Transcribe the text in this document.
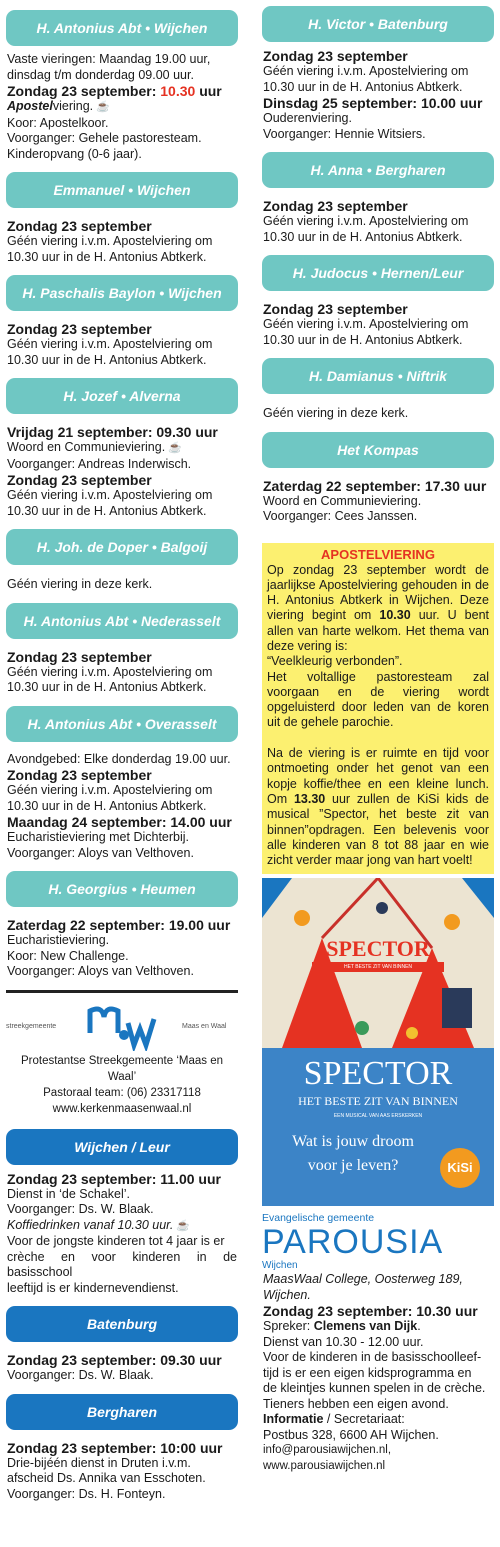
H. Antonius Abt • Wijchen
Vaste vieringen: Maandag 19.00 uur,
dinsdag t/m donderdag 09.00 uur.
Zondag 23 september: 10.30 uur
Apostelviering. ☕
Koor: Apostelkoor.
Voorganger: Gehele pastoresteam.
Kinderopvang (0-6 jaar).
Emmanuel • Wijchen
Zondag 23 september
Géén viering i.v.m. Apostelviering om
10.30 uur in de H. Antonius Abtkerk.
H. Paschalis Baylon • Wijchen
Zondag 23 september
Géén viering i.v.m. Apostelviering om
10.30 uur in de H. Antonius Abtkerk.
H. Jozef • Alverna
Vrijdag 21 september: 09.30 uur
Woord en Communieviering. ☕
Voorganger: Andreas Inderwisch.
Zondag 23 september
Géén viering i.v.m. Apostelviering om
10.30 uur in de H. Antonius Abtkerk.
H. Joh. de Doper • Balgoij
Géén viering in deze kerk.
H. Antonius Abt • Nederasselt
Zondag 23 september
Géén viering i.v.m. Apostelviering om
10.30 uur in de H. Antonius Abtkerk.
H. Antonius Abt • Overasselt
Avondgebed: Elke donderdag 19.00 uur.
Zondag 23 september
Géén viering i.v.m. Apostelviering om
10.30 uur in de H. Antonius Abtkerk.
Maandag 24 september: 14.00 uur
Eucharistieviering met Dichterbij.
Voorganger: Aloys van Velthoven.
H. Georgius • Heumen
Zaterdag 22 september: 19.00 uur
Eucharistieviering.
Koor: New Challenge.
Voorganger: Aloys van Velthoven.
streekgemeente	Maas en Waal
Protestantse Streekgemeente ‘Maas en Waal’
Pastoraal team: (06) 23317118
www.kerkenmaasenwaal.nl
Wijchen / Leur
Zondag 23 september: 11.00 uur
Dienst in ‘de Schakel’.
Voorganger: Ds. W. Blaak.
Koffiedrinken vanaf 10.30 uur. ☕
Voor de jongste kinderen tot 4 jaar is er
crèche en voor kinderen in de basisschool
leeftijd is er kindernevendienst.
Batenburg
Zondag 23 september: 09.30 uur
Voorganger: Ds. W. Blaak.
Bergharen
Zondag 23 september: 10:00 uur
Drie-bijéén dienst in Druten i.v.m.
afscheid Ds. Annika van Esschoten.
Voorganger: Ds. H. Fonteyn.
H. Victor • Batenburg
Zondag 23 september
Géén viering i.v.m. Apostelviering om
10.30 uur in de H. Antonius Abtkerk.
Dinsdag 25 september: 10.00 uur
Ouderenviering.
Voorganger: Hennie Witsiers.
H. Anna • Bergharen
Zondag 23 september
Géén viering i.v.m. Apostelviering om
10.30 uur in de H. Antonius Abtkerk.
H. Judocus • Hernen/Leur
Zondag 23 september
Géén viering i.v.m. Apostelviering om
10.30 uur in de H. Antonius Abtkerk.
H. Damianus • Niftrik
Géén viering in deze kerk.
Het Kompas
Zaterdag 22 september: 17.30 uur
Woord en Communieviering.
Voorganger: Cees Janssen.
APOSTELVIERING
Op zondag 23 september wordt de jaarlijkse Apostelviering gehouden in de H. Antonius Abtkerk in Wijchen. Deze viering begint om 10.30 uur. U bent allen van harte welkom. Het thema van deze vering is:
“Veelkleurig verbonden”.
Het voltallige pastoresteam zal voorgaan en de viering wordt opgeluisterd door leden van de koren uit de gehele parochie.

Na de viering is er ruimte en tijd voor ontmoeting onder het genot van een kopje koffie/thee en een kleine lunch. Om 13.30 uur zullen de KiSi kids de musical ”Spector, het beste zit van binnen”opdragen. Een belevenis voor alle kinderen van 8 tot 88 jaar en wie zicht verder maar jong van hart voelt!
SPECTOR
HET BESTE ZIT VAN BINNEN
SPECTOR
HET BESTE ZIT VAN BINNEN
EEN MUSICAL VAN AAS ERSKERKEN
Wat is jouw droom
voor je leven?	KiSi
Evangelische gemeente
PAROUSIA
Wijchen
MaasWaal College, Oosterweg 189, Wijchen.
Zondag 23 september: 10.30 uur
Spreker: Clemens van Dijk.
Dienst van 10.30 - 12.00 uur.
Voor de kinderen in de basisschoolleef-
tijd is er een eigen kidsprogramma en
de kleintjes kunnen spelen in de crèche.
Tieners hebben een eigen avond.
Informatie / Secretariaat:
Postbus 328, 6600 AH Wijchen.
info@parousiawijchen.nl, www.parousiawijchen.nl
